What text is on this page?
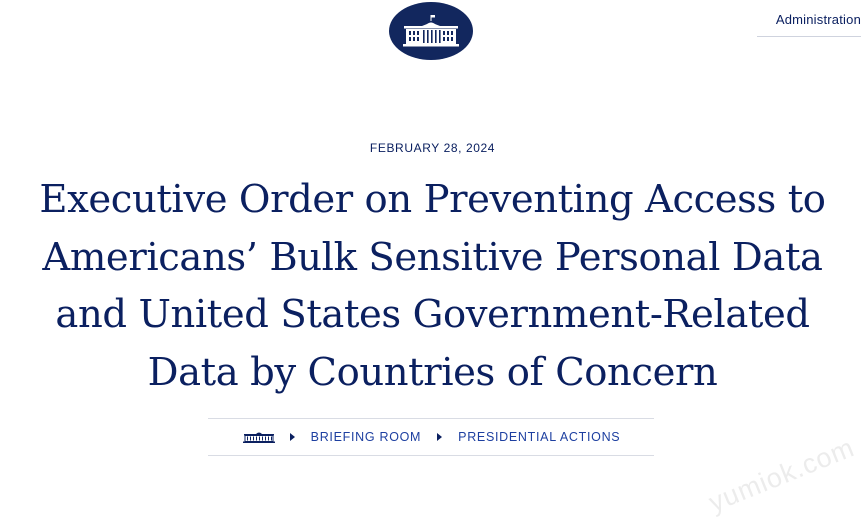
Administration
FEBRUARY 28, 2024
Executive Order on Preventing Access to Americans’ Bulk Sensitive Personal Data and United States Government-Related Data by Countries of Concern
BRIEFING ROOM	PRESIDENTIAL ACTIONS	yumiok.com
